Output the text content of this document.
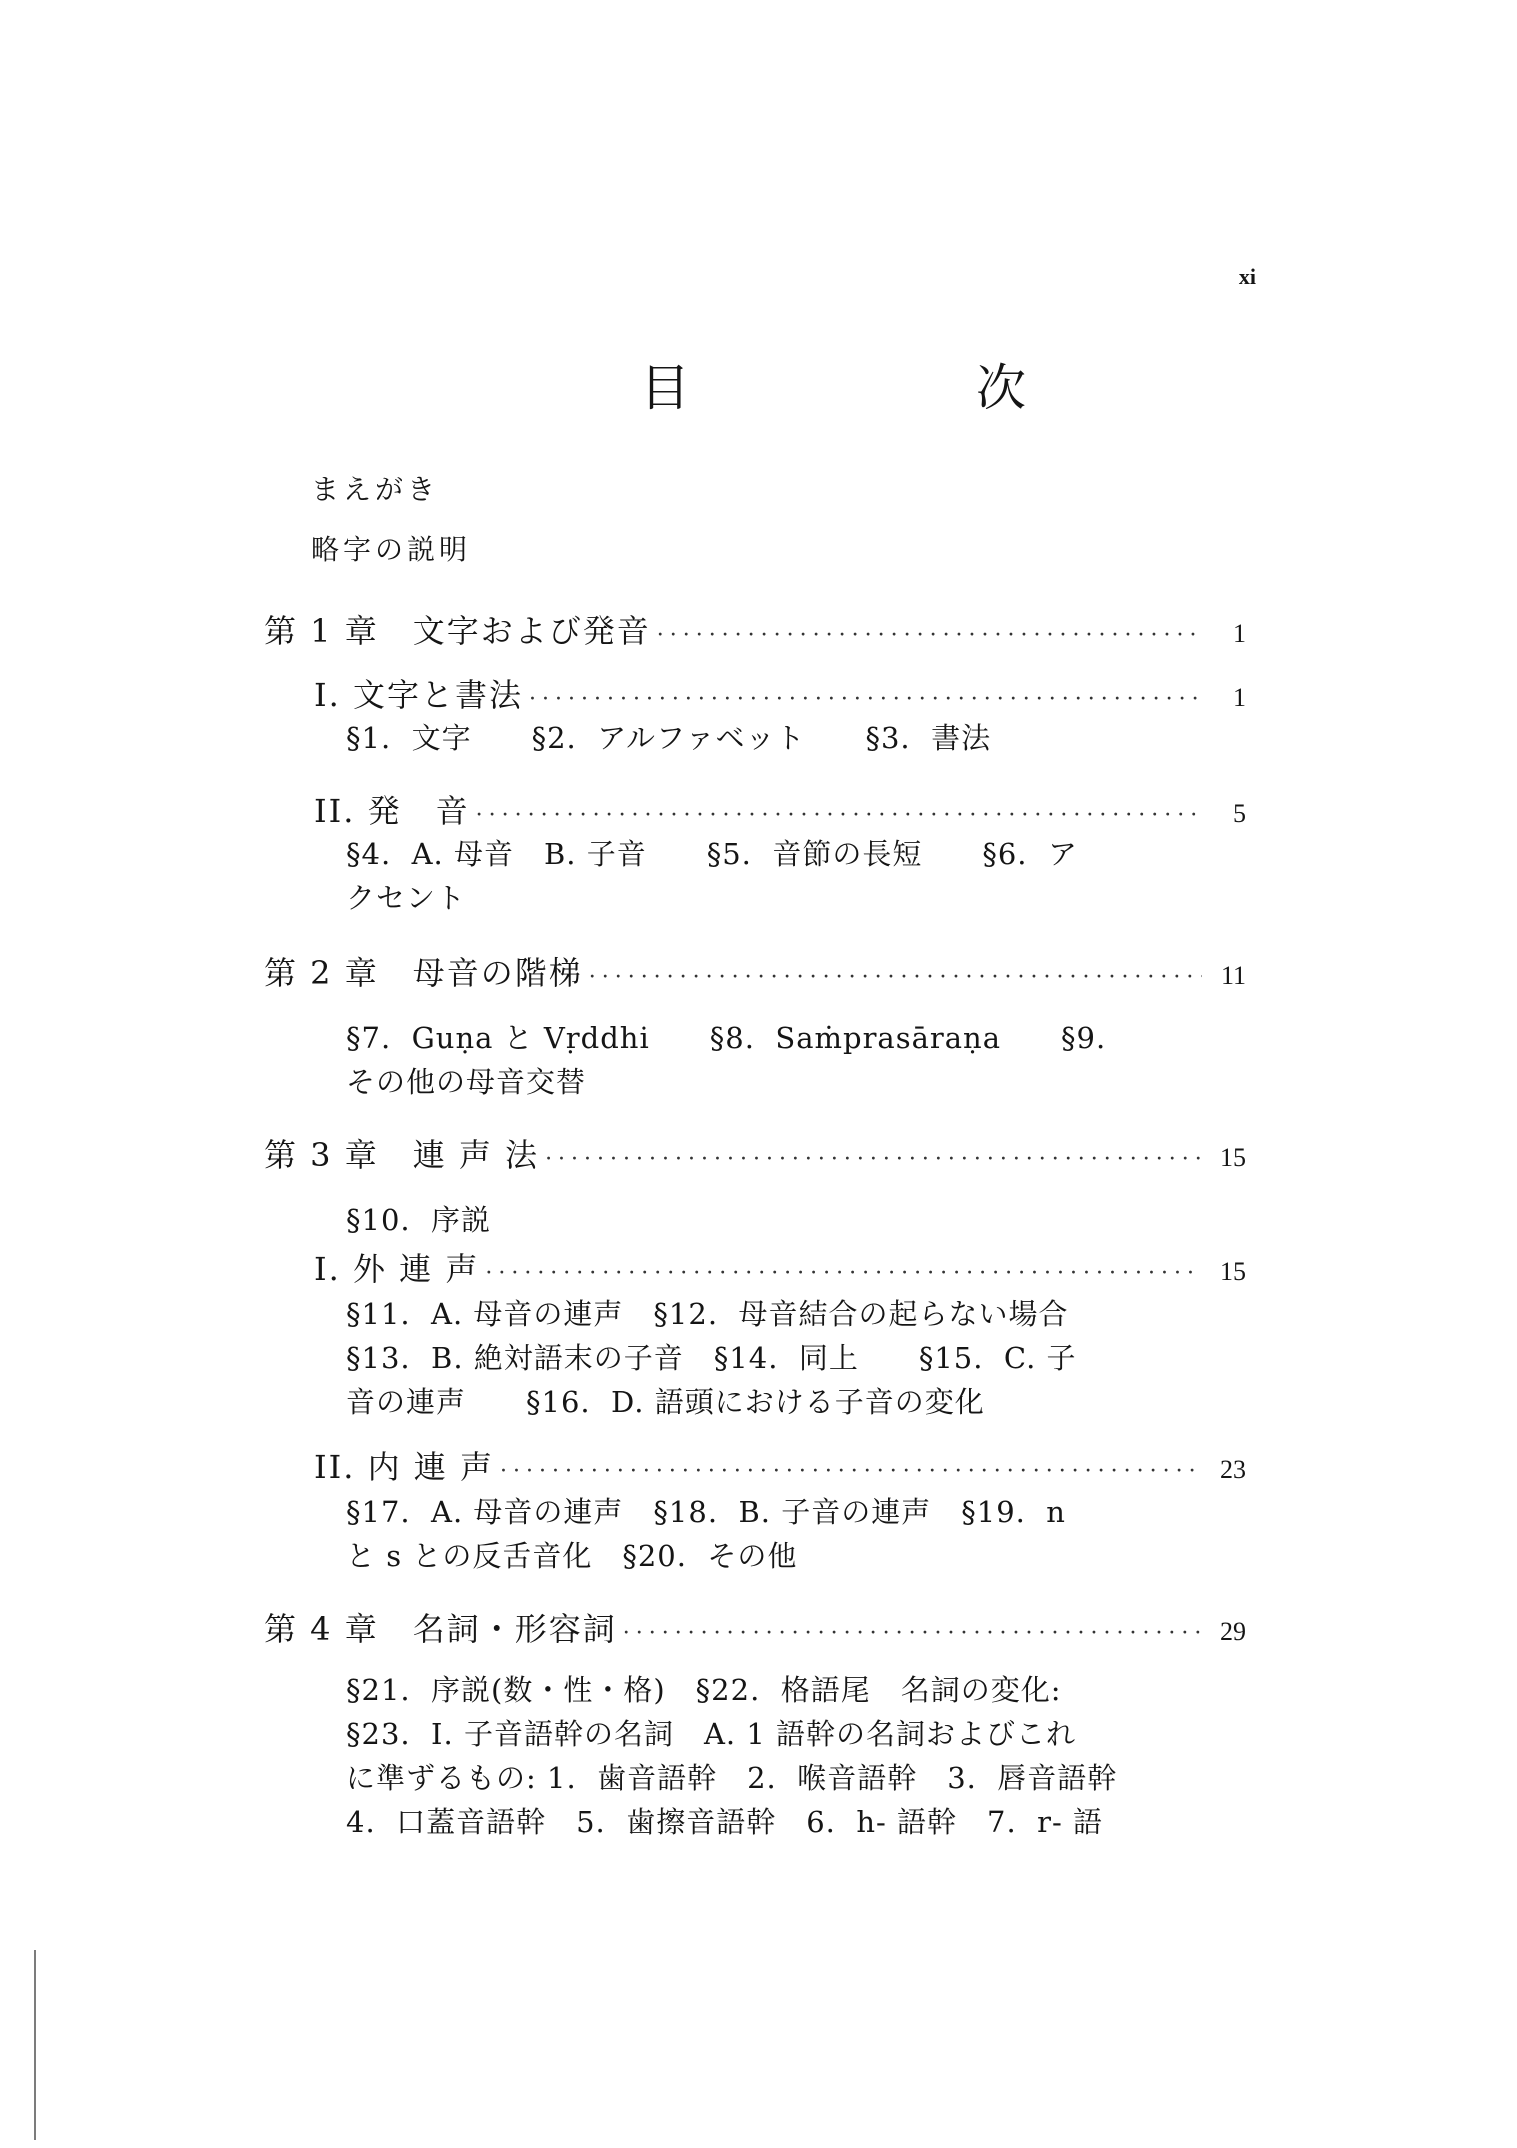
xi
目　次
まえがき
略字の説明
第 1 章　文字および発音 ·····	1
I. 文字と書法 ·····	1
§1.  文字　　§2.  アルファベット　　§3.  書法
II. 発　音 ·····	5
§4.  A. 母音　B. 子音　　§5.  音節の長短　　§6.  ア
クセント
第 2 章　母音の階梯 ·····	11
§7.  Guṇa と Vṛddhi　　§8.  Saṁprasāraṇa　　§9.
その他の母音交替
第 3 章　連 声 法 ·····	15
§10.  序説
I. 外 連 声 ·····	15
§11.  A. 母音の連声　§12.  母音結合の起らない場合
§13.  B. 絶対語末の子音　§14.  同上　　§15.  C. 子
音の連声　　§16.  D. 語頭における子音の変化
II. 内 連 声 ·····	23
§17.  A. 母音の連声　§18.  B. 子音の連声　§19.  n
と s との反舌音化　§20.  その他
第 4 章　名詞・形容詞 ·····	29
§21.  序説(数・性・格)　§22.  格語尾　名詞の変化:
§23.  I. 子音語幹の名詞　A. 1 語幹の名詞およびこれ
に準ずるもの: 1.  歯音語幹　2.  喉音語幹　3.  唇音語幹
4.  口蓋音語幹　5.  歯擦音語幹　6.  h- 語幹　7.  r- 語
